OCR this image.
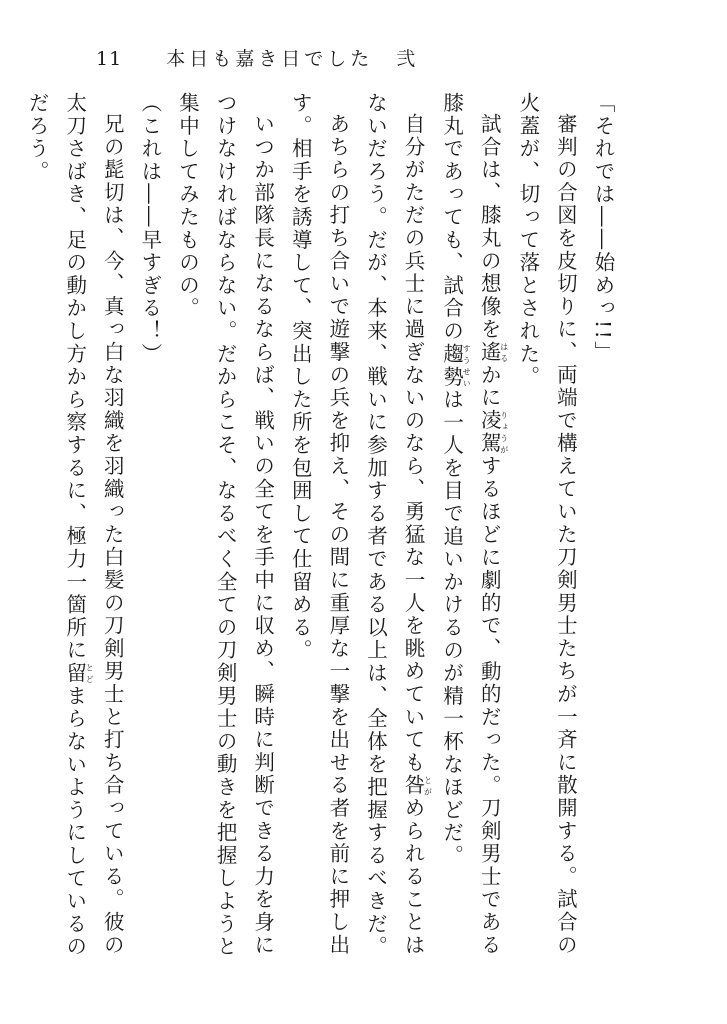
11 本日も嘉き日でした　弐

「それでは――始めっ!!」

審判の合図を皮切りに、両端で構えていた刀剣男士たちが一斉に散開する。試合の火蓋が、切って落とされた。

試合は、膝丸の想像を遙はるかに凌駕りょうがするほどに劇的で、動的だった。刀剣男士である膝丸であっても、試合の趨勢すうせいは一人を目で追いかけるのが精一杯なほどだ。

自分がただの兵士に過ぎないのなら、勇猛な一人を眺めていても咎とがめられることはないだろう。だが、本来、戦いに参加する者である以上は、全体を把握するべきだ。

あちらの打ち合いで遊撃の兵を抑え、その間に重厚な一撃を出せる者を前に押し出す。相手を誘導して、突出した所を包囲して仕留める。

いつか部隊長になるならば、戦いの全てを手中に収め、瞬時に判断できる力を身につけなければならない。だからこそ、なるべく全ての刀剣男士の動きを把握しようと集中してみたものの。

（これは――早すぎる！）

兄の髭切は、今、真っ白な羽織を羽織った白髪の刀剣男士と打ち合っている。彼の太刀さばき、足の動かし方から察するに、極力一箇所に留とどまらないようにしているのだろう。
